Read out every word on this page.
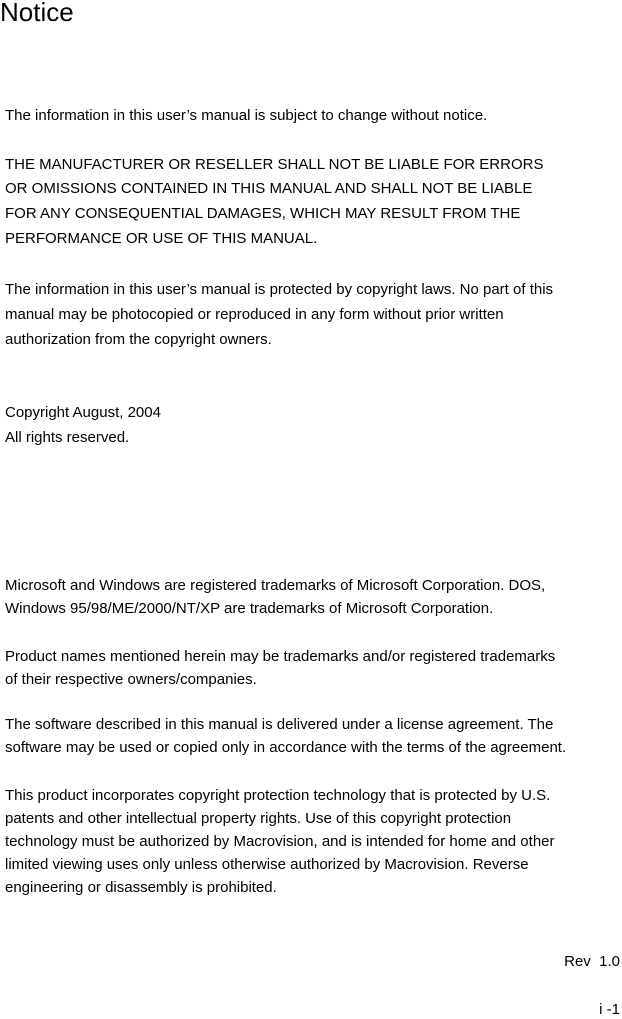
Notice
The information in this user’s manual is subject to change without notice.
THE MANUFACTURER OR RESELLER SHALL NOT BE LIABLE FOR ERRORS
OR OMISSIONS CONTAINED IN THIS MANUAL AND SHALL NOT BE LIABLE
FOR ANY CONSEQUENTIAL DAMAGES, WHICH MAY RESULT FROM THE
PERFORMANCE OR USE OF THIS MANUAL.
The information in this user’s manual is protected by copyright laws. No part of this
manual may be photocopied or reproduced in any form without prior written
authorization from the copyright owners.
Copyright August, 2004
All rights reserved.
Microsoft and Windows are registered trademarks of Microsoft Corporation. DOS,
Windows 95/98/ME/2000/NT/XP are trademarks of Microsoft Corporation.
Product names mentioned herein may be trademarks and/or registered trademarks
of their respective owners/companies.
The software described in this manual is delivered under a license agreement. The
software may be used or copied only in accordance with the terms of the agreement.
This product incorporates copyright protection technology that is protected by U.S.
patents and other intellectual property rights. Use of this copyright protection
technology must be authorized by Macrovision, and is intended for home and other
limited viewing uses only unless otherwise authorized by Macrovision. Reverse
engineering or disassembly is prohibited.
Rev  1.0
i -1
